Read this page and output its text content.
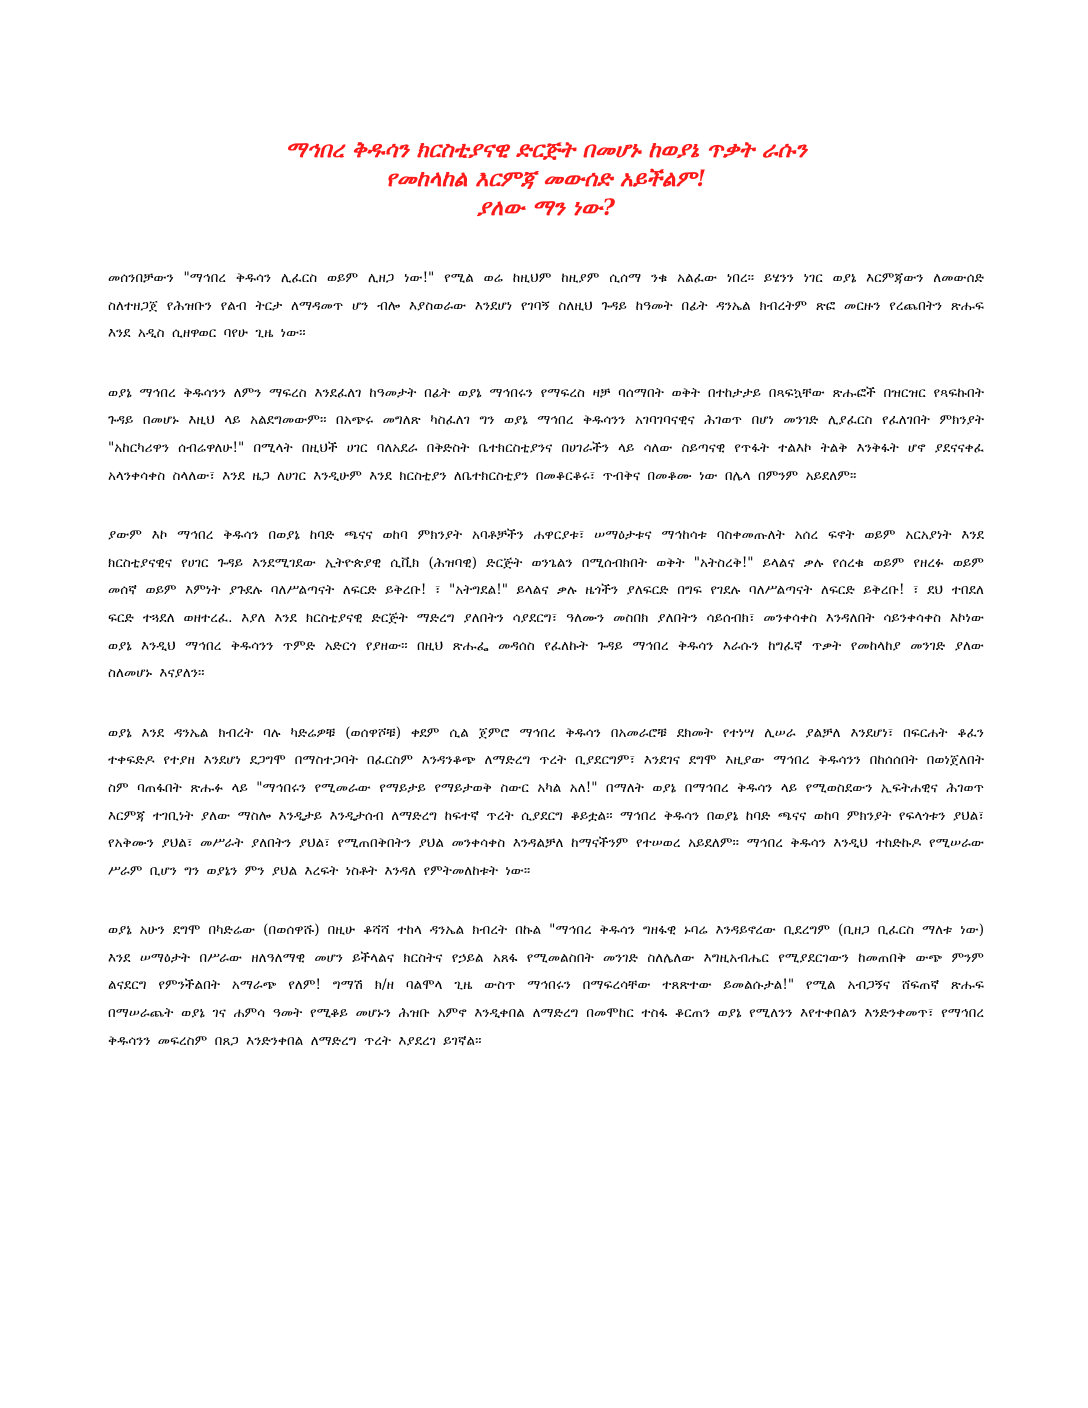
ማኅበረ ቅዱሳን ክርስቲያናዊ ድርጅት በመሆኑ ከወያኔ ጥቃት ራሱን
የመከላከል እርምጃ መውሰድ አይችልም!
ያለው ማን ነው?

መሰንበቻውን "ማኅበረ ቅዱሳን ሊፈርስ ወይም ሊዘጋ ነው!" የሚል ወሬ ከዚህም ከዚያም ሲሰማ ንቁ አልፈው ነበረ፡፡ ይሄንን ነገር ወያኔ እርምጃውን ለመውሰድ ስለተዘጋጀ የሕዝቡን የልብ ትርታ ለማዳመጥ ሆን ብሎ እያስወራው እንደሆነ የገባኝ ስለዚህ ጉዳይ ከዓመት በፊት ዳንኤል ክብረትም ጽፎ መርዙን የረጨበትን ጽሑፍ እንደ አዲስ ሲዘዋወር ባየሁ ጊዜ ነው፡፡

ወያኔ ማኅበረ ቅዱሳንን ለምን ማፍረስ እንደፈለገ ከዓመታት በፊት ወያኔ ማኅበሩን የማፍረስ ዛቻ ባሰማበት ወቅት በተከታታይ በጻፍኳቸው ጽሑፎች በዝርዝር የጻፍኩበት ጉዳይ በመሆኑ እዚህ ላይ አልደግመውም፡፡ በአጭሩ መግለጽ ካስፈለገ ግን ወያኔ ማኅበረ ቅዱሳንን አገባገባናዊና ሕገወጥ በሆነ መንገድ ሊያፈርስ የፈለገበት ምክንያት "አከርካሪዋን ሰብሬዋለሁ!" በሚላት በዚህች ሀገር ባለአደራ በቅድስት ቤተክርስቲያንና በሀገራችን ላይ ሳለው ስይጣናዊ የጥፋት ተልእኮ ትልቅ እንቅፋት ሆኖ ያደናናቀፈ አላንቀሳቀስ ስላለው፣ እንደ ዜጋ ለሀገር እንዲሁም እንደ ክርስቲያን ለቤተክርስቲያን በመቆርቆሩ፣ ጥብቅና በመቆሙ ነው በሌላ በምንም አይደለም፡፡

ያውም እኮ ማኅበረ ቅዱሳን በወያኔ ከባድ ጫናና ወከባ ምክንያት አባቶቻችን ሐዋርያቱ፣ ሠማዕታቱና ማኅከሳቱ ባስቀመጡለት አሰረ ፍኖት ወይም አርአያነት እንደ ክርስቲያናዊና የሀገር ጉዳይ እንደሚገደው ኢትዮጵያዊ ሲቪክ (ሕዝባዊ) ድርጅት ወንጌልን በሚሰብክበት ወቅት "አትስረቅ!" ይላልና ቃሉ የሰረቁ ወይም የዘረፉ ወይም መሰኛ ወይም እምነት ያጉደሉ ባለሥልጣናት ለፍርድ ይቅረቡ! ፣ "አትግደል!" ይላልና ቃሉ ዜጎችን ያለፍርድ በግፍ የገደሉ ባለሥልጣናት ለፍርድ ይቅረቡ! ፣ ደህ ተበደለ ፍርድ ተጓደለ ወዘተረፈ. እያለ እንደ ክርስቲያናዊ ድርጅት ማድረግ ያለበትን ሳያደርግ፣ ዓለሙን መስበክ ያለበትን ሳይሰብክ፣ መንቀሳቀስ እንዳለበት ሳይንቀሳቀስ እኮነው ወያኔ እንዲህ ማኅበረ ቅዱሳንን ጥምድ አድርጎ የያዘው፡፡ በዚህ ጽሑፌ መዳሰስ የፈለኩት ጉዳይ ማኅበረ ቅዱሳን እራሱን ከግፈኛ ጥቃት የመከላከያ መንገድ ያለው ስለመሆኑ እናያለን፡፡

ወያኔ እንደ ዳንኤል ክብረት ባሉ ካድሬዎቹ (ወሰዋሾቹ) ቀደም ሲል ጀምሮ ማኅበረ ቅዱሳን በአመራሮቹ ደክመት የተነሣ ሊሠራ ያልቻለ እንደሆነ፣ በፍርሐት ቆፈን ተቀፍድዶ የተያዘ እንደሆነ ደጋግሞ በማስተጋባት በፈርስም እንዳንቆጭ ለማድረግ ጥረት ቢያደርግም፣ እንደገና ደግሞ እዚያው ማኅበረ ቅዱሳንን በከሰሰበት በወነጀለበት ስም ባጠፋበት ጽሑፉ ላይ "ማኅበሩን የሚመራው የማይታይ የማይታወቅ ስውር አካል አለ!" በማለት ወያኔ በማኅበረ ቅዱሳን ላይ የሚወስደውን ኢፍትሐዊና ሕገወጥ እርምጃ ተገቢነት ያለው ማስሎ እንዲታይ እንዲታሰብ ለማድረግ ከፍተኛ ጥረት ሲያደርግ ቆይቷል፡፡ ማኅበረ ቅዱሳን በወያኔ ከባድ ጫናና ወከባ ምክንያት የፍላጎቱን ያህል፣ የአቅሙን ያህል፣ መሥራት ያለበትን ያህል፣ የሚጠበቅበትን ያህል መንቀሳቀስ እንዳልቻለ ከማናችንም የተሠወረ አይደለም፡፡ ማኅበረ ቅዱሳን እንዲህ ተከድኩዶ የሚሠራው ሥራም ቢሆን ግን ወያኔን ምን ያህል እረፍት ነስቶት እንዳለ የምትመለከቱት ነው፡፡

ወያኔ አሁን ደግሞ በካድሬው (በወሰዋሹ) በዚሁ ቆሻሻ ተከላ ዳንኤል ክብረት በኩል "ማኅበረ ቅዱሳን ግዘፋዊ ኑባሬ እንዳይኖረው ቢደረግም (ቢዘጋ ቢፈርስ ማለቱ ነው) እንደ ሠማዕታት በሥራው ዘለዓለማዊ መሆን ይችላልና ክርስትና የኃይል አጸፋ የሚመልስበት መንገድ ስለሌለው እግዚአብሔር የሚያደርገውን ከመጠበቅ ውጭ ምንም ልናደርግ የምንችልበት አማራጭ የለም! ግማሽ ክ/ዘ ባልሞላ ጊዜ ውስጥ ማኅበሩን በማፍረሳቸው ተጸጽተው ይመልሱታል!" የሚል አብጋኝና ሸፍጠኛ ጽሑፍ በማሠራጨት ወያኔ ገና ሐምሳ ዓመት የሚቆይ መሆኑን ሕዝቡ አምኖ እንዲቀበል ለማድረግ በመሞከር ተስፋ ቆርጠን ወያኔ የሚለንን እየተቀበልን እንድንቀመጥ፣ የማኅበረ ቅዱሳንን መፍረስም በጸጋ እንድንቀበል ለማድረግ ጥረት እያደረገ ይገኛል፡፡
